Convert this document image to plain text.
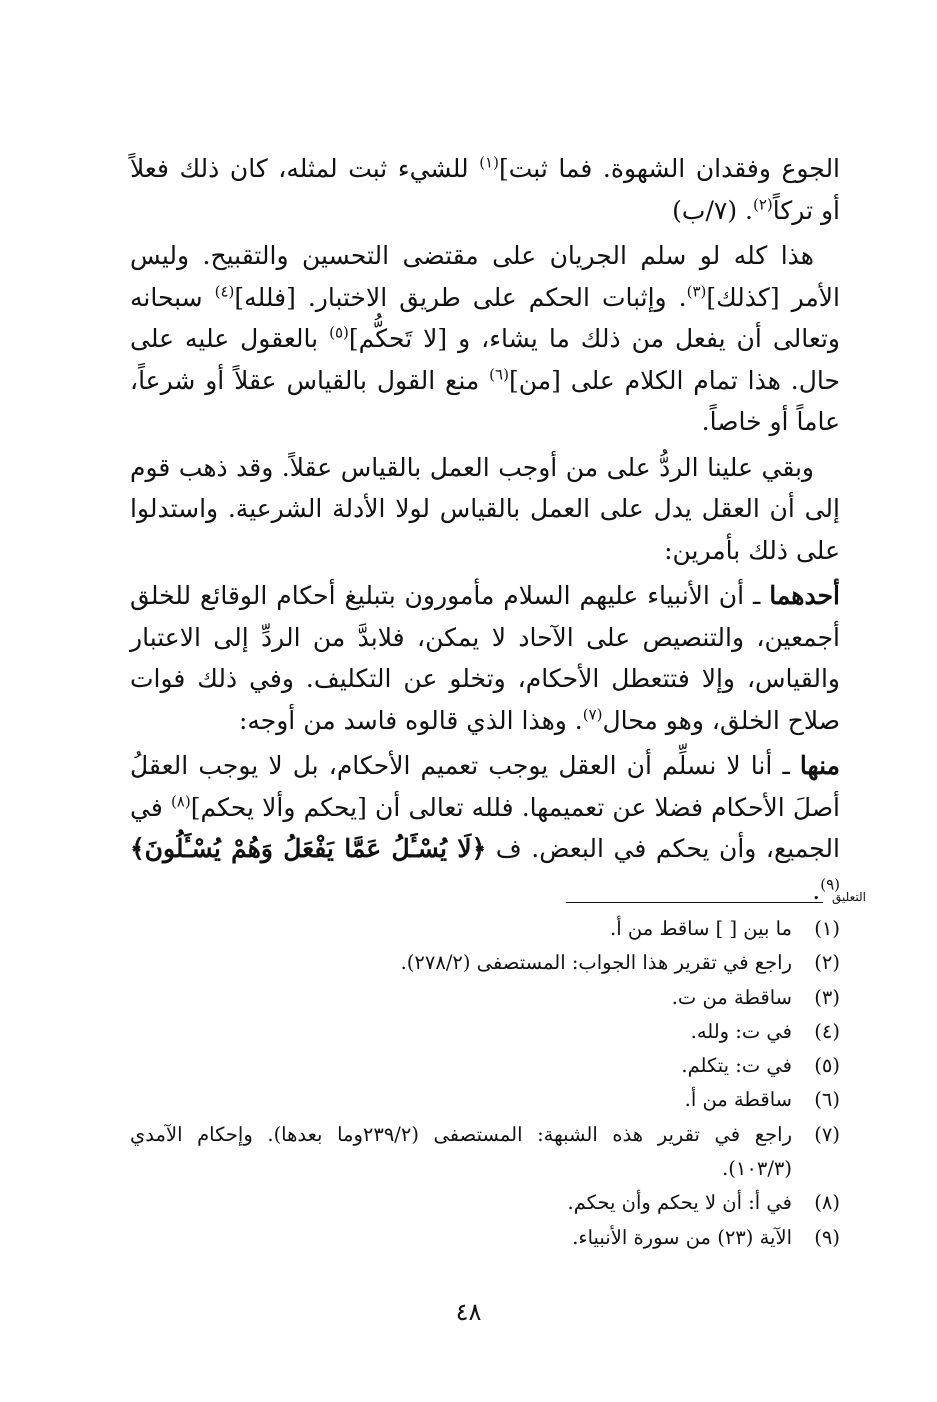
الجوع وفقدان الشهوة. فما ثبت]$^{(١)}$ للشيء ثبت لمثله، كان ذلك فعلاً أو تركاً$^{(٢)}$. (٧/ب)

هذا كله لو سلم الجريان على مقتضى التحسين والتقبيح. وليس الأمر [كذلك]$^{(٣)}$. وإثبات الحكم على طريق الاختبار. [فلله]$^{(٤)}$ سبحانه وتعالى أن يفعل من ذلك ما يشاء، و [لا تَحكُّم]$^{(٥)}$ بالعقول عليه على حال. هذا تمام الكلام على [من]$^{(٦)}$ منع القول بالقياس عقلاً أو شرعاً، عاماً أو خاصاً.

وبقي علينا الردُّ على من أوجب العمل بالقياس عقلاً. وقد ذهب قوم إلى أن العقل يدل على العمل بالقياس لولا الأدلة الشرعية. واستدلوا على ذلك بأمرين:

أحدهما ـ أن الأنبياء عليهم السلام مأمورون بتبليغ أحكام الوقائع للخلق أجمعين، والتنصيص على الآحاد لا يمكن، فلابدَّ من الردِّ إلى الاعتبار والقياس، وإلا فتتعطل الأحكام، وتخلو عن التكليف. وفي ذلك فوات صلاح الخلق، وهو محال$^{(٧)}$. وهذا الذي قالوه فاسد من أوجه:

منها ـ أنا لا نسلِّم أن العقل يوجب تعميم الأحكام، بل لا يوجب العقلُ أصلَ الأحكام فضلا عن تعميمها. فلله تعالى أن [يحكم وألا يحكم]$^{(٨)}$ في الجميع، وأن يحكم في البعض. ف ﴿لَا يُسْـَٔلُ عَمَّا يَفْعَلُ وَهُمْ يُسْـَٔلُونَ﴾$^{(٩)}$. التعليق
(١)
ما بين [ ] ساقط من أ.
(٢)
راجع في تقرير هذا الجواب: المستصفى (٢٧٨/٢).
(٣)
ساقطة من ت.
(٤)
في ت: ولله.
(٥)
في ت: يتكلم.
(٦)
ساقطة من أ.
(٧)
راجع في تقرير هذه الشبهة: المستصفى (٢٣٩/٢وما بعدها). وإحكام الآمدي (١٠٣/٣).
(٨)
في أ: أن لا يحكم وأن يحكم.
(٩)
الآية (٢٣) من سورة الأنبياء.
٤٨
